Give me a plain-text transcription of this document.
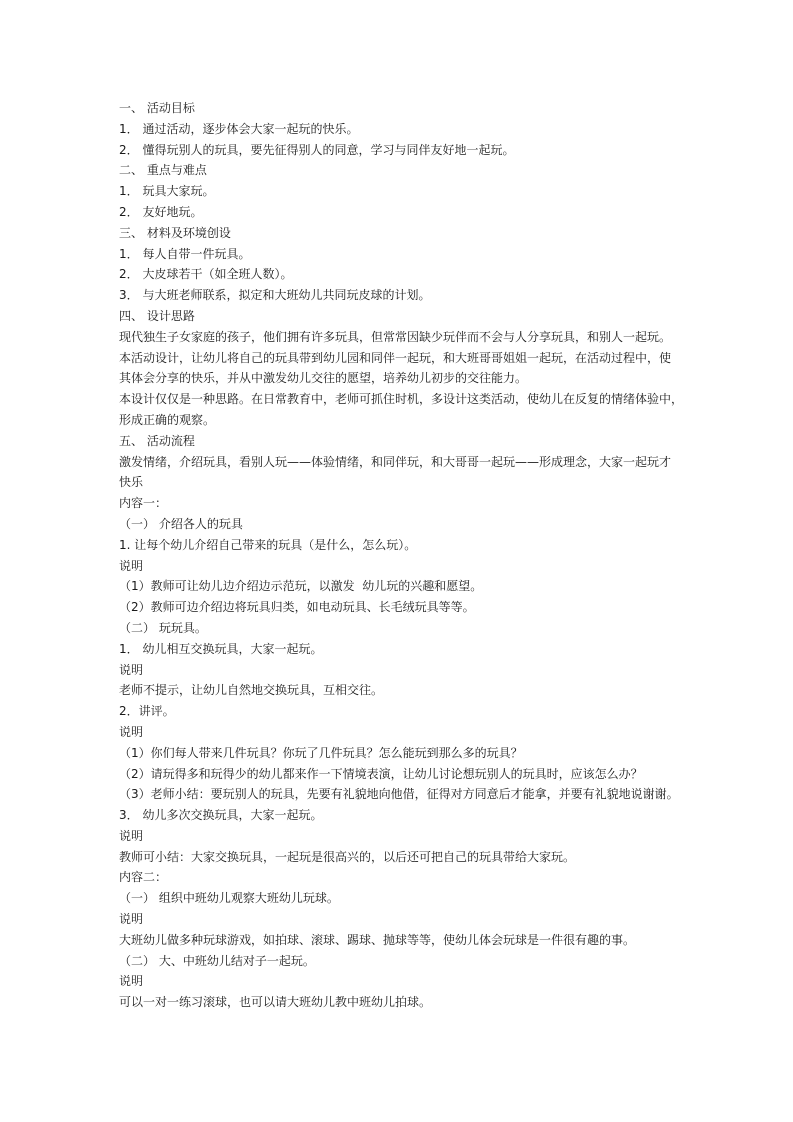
一、 活动目标
1． 通过活动，逐步体会大家一起玩的快乐。
2． 懂得玩别人的玩具，要先征得别人的同意，学习与同伴友好地一起玩。
二、 重点与难点
1． 玩具大家玩。
2． 友好地玩。
三、 材料及环境创设
1． 每人自带一件玩具。
2． 大皮球若干（如全班人数）。
3． 与大班老师联系，拟定和大班幼儿共同玩皮球的计划。
四、 设计思路
现代独生子女家庭的孩子，他们拥有许多玩具，但常常因缺少玩伴而不会与人分享玩具，和别人一起玩。
本活动设计，让幼儿将自己的玩具带到幼儿园和同伴一起玩，和大班哥哥姐姐一起玩，在活动过程中，使
其体会分享的快乐，并从中激发幼儿交往的愿望，培养幼儿初步的交往能力。
本设计仅仅是一种思路。在日常教育中，老师可抓住时机，多设计这类活动，使幼儿在反复的情绪体验中，
形成正确的观察。
五、 活动流程
激发情绪，介绍玩具，看别人玩——体验情绪，和同伴玩，和大哥哥一起玩——形成理念，大家一起玩才
快乐
内容一：
（一） 介绍各人的玩具
1. 让每个幼儿介绍自己带来的玩具（是什么，怎么玩）。
说明
（1）教师可让幼儿边介绍边示范玩，以激发  幼儿玩的兴趣和愿望。
（2）教师可边介绍边将玩具归类，如电动玩具、长毛绒玩具等等。
（二） 玩玩具。
1． 幼儿相互交换玩具，大家一起玩。
说明
老师不提示，让幼儿自然地交换玩具，互相交往。
2．讲评。
说明
（1）你们每人带来几件玩具？你玩了几件玩具？怎么能玩到那么多的玩具？
（2）请玩得多和玩得少的幼儿都来作一下情境表演，让幼儿讨论想玩别人的玩具时，应该怎么办？
（3）老师小结：要玩别人的玩具，先要有礼貌地向他借，征得对方同意后才能拿，并要有礼貌地说谢谢。
3． 幼儿多次交换玩具，大家一起玩。
说明
教师可小结：大家交换玩具，一起玩是很高兴的，以后还可把自己的玩具带给大家玩。
内容二：
（一） 组织中班幼儿观察大班幼儿玩球。
说明
大班幼儿做多种玩球游戏，如拍球、滚球、踢球、抛球等等，使幼儿体会玩球是一件很有趣的事。
（二） 大、中班幼儿结对子一起玩。
说明
可以一对一练习滚球，也可以请大班幼儿教中班幼儿拍球。
